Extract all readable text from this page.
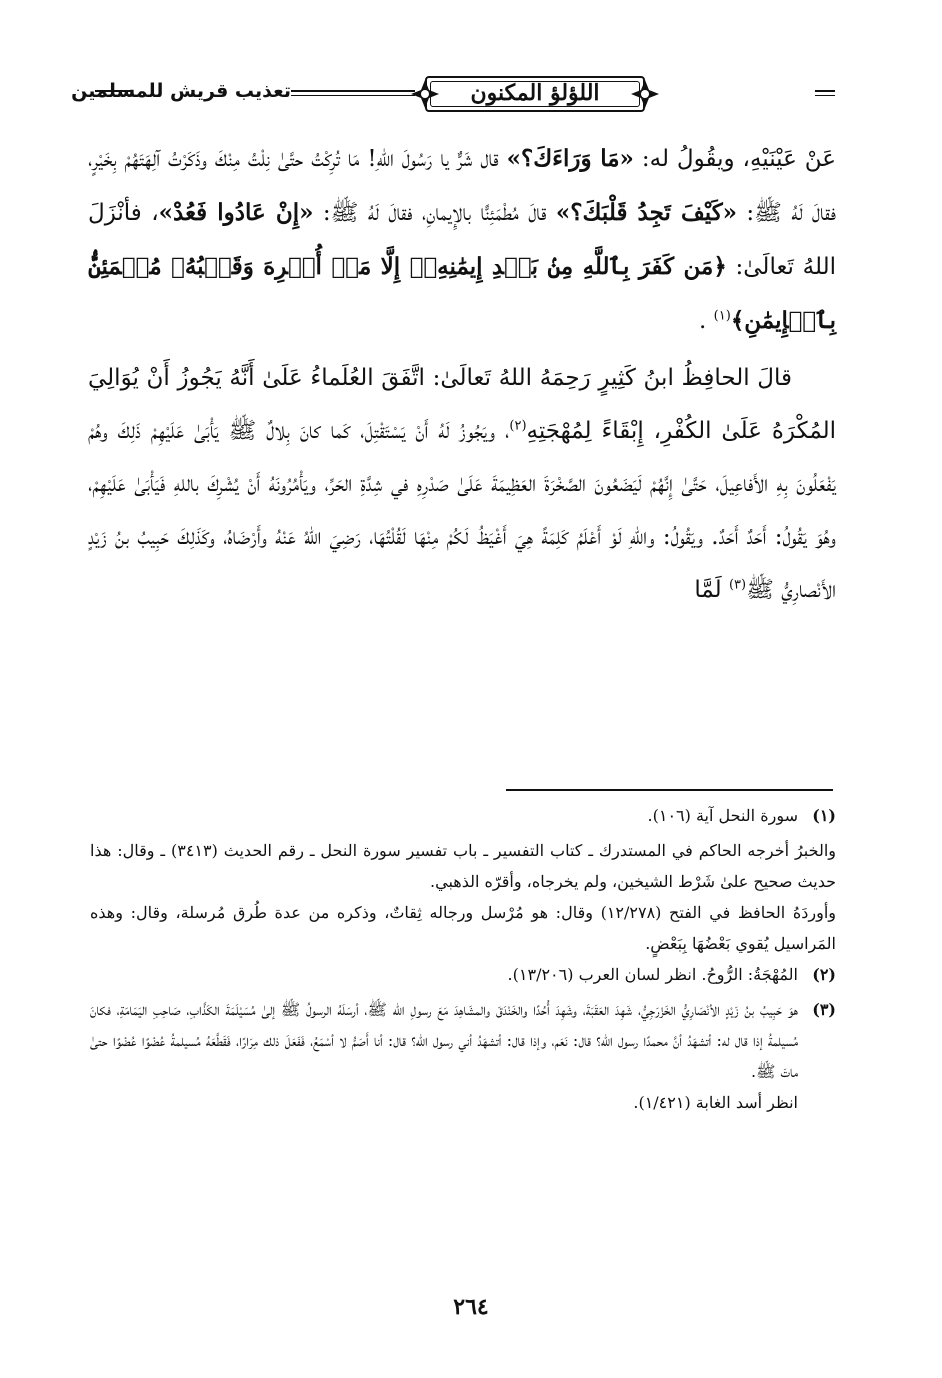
اللؤلؤ المكنون
تعذيب قريش للمسلمين

عَنْ عَيْنَيْهِ، ويقُولُ له: «مَا وَرَاءَكَ؟» قال شَرٌّ يا رَسُولَ اللهِ! مَا تُرِكْتُ حتَّىٰ نِلْتُ مِنْكَ وذَكَرْتُ آلِهَتَهُمْ بِخَيْرٍ، فقالَ لَهُ ﷺ: «كَيْفَ تَجِدُ قَلْبَكَ؟» قالَ مُطْمَئِنًّا بالإِيمانِ، فقالَ لَهُ ﷺ: «إِنْ عَادُوا فَعُدْ»، فأنْزَلَ اللهُ تَعالَىٰ: ﴿مَن كَفَرَ بِٱللَّهِ مِنۢ بَعۡدِ إِيمَٰنِهِۦٓ إِلَّا مَنۡ أُكۡرِهَ وَقَلۡبُهُۥ مُطۡمَئِنُّۢ بِٱلۡإِيمَٰنِ﴾$^{(١)}$ .

قالَ الحافِظُ ابنُ كَثِيرٍ رَحِمَهُ اللهُ تَعالَىٰ: اتَّفَقَ العُلَماءُ عَلَىٰ أَنَّهُ يَجُوزُ أَنْ يُوَالِيَ المُكْرَهُ عَلَىٰ الكُفْرِ، إِبْقَاءً لِمُهْجَتِهِ$^{(٢)}$، ويَجُوزُ لَهُ أَنْ يَسْتَقْتِلَ، كَما كانَ بِلالٌ ﷺ يَأْبَىٰ عَلَيْهِمْ ذَلِكَ وهُمْ يَفْعَلُونَ بِهِ الأَفاعِيلَ، حَتَّىٰ إِنَّهُمْ لَيَضَعُونَ الصَّخْرَةَ العَظِيمَةَ عَلَىٰ صَدْرِهِ في شِدَّةِ الحَرِّ، ويَأْمُرُونَهُ أَنْ يُشْرِكَ باللهِ فَيَأْبَىٰ عَلَيْهِمْ، وهُوَ يَقُولُ: أَحَدٌ أَحَدٌ. ويَقُولُ: واللهِ لَوْ أَعْلَمُ كَلِمَةً هِيَ أَغْيَظُ لَكُمْ مِنْهَا لَقُلْتُهَا، رَضِيَ اللهُ عَنْهُ وأَرْضَاهُ، وكَذَلِكَ حَبِيبُ بنُ زَيْدٍ الأَنْصارِيُّ ﷺ$^{(٣)}$ لَمَّا

(١)

سورة النحل آية (١٠٦).

والخبرُ أخرجه الحاكم في المستدرك ـ كتاب التفسير ـ باب تفسير سورة النحل ـ رقم الحديث (٣٤١٣) ـ وقال: هذا حديث صحيح علىٰ شَرْط الشيخين، ولم يخرجاه، وأقرّه الذهبي.

وأوردَهُ الحافظ في الفتح (١٢/٢٧٨) وقال: هو مُرْسل ورجاله ثِقاتٌ، وذكره من عدة طُرق مُرسلة، وقال: وهذه المَراسيل يُقوي بَعْضُهَا بِبَعْضٍ.

(٢)

المُهْجَةُ: الرُّوحُ. انظر لسان العرب (١٣/٢٠٦).

(٣)

هوَ حَبِيبُ بنُ زَيْدٍ الأنْصَارِيُّ الخَزْرَجِيُّ، شَهِدَ العَقَبَةَ، وشَهِدَ أُحُدًا والخَنْدَقَ والمشَاهِدَ مَعَ رسولِ الله ﷺ، أرسَلَهُ الرسولُ ﷺ إلىٰ مُسَيْلَمَةَ الكَذَّابِ، صَاحِبِ اليَمَامَةِ، فكانَ مُسيلمةُ إذا قال له: أتشهَدُ أنَّ محمدًا رسول الله؟ قال: نَعَم، وإذا قال: أتشهَدُ أني رسول الله؟ قال: أنا أَصَمُّ لا أسْمَعُ، فَفَعَلَ ذلك مِرَارًا، فَقَطَّعَهُ مُسيلمةُ عُضْوًا عُضْوًا حتىٰ ماتَ ﷺ.

انظر أسد الغابة (١/٤٢١).

٢٦٤
